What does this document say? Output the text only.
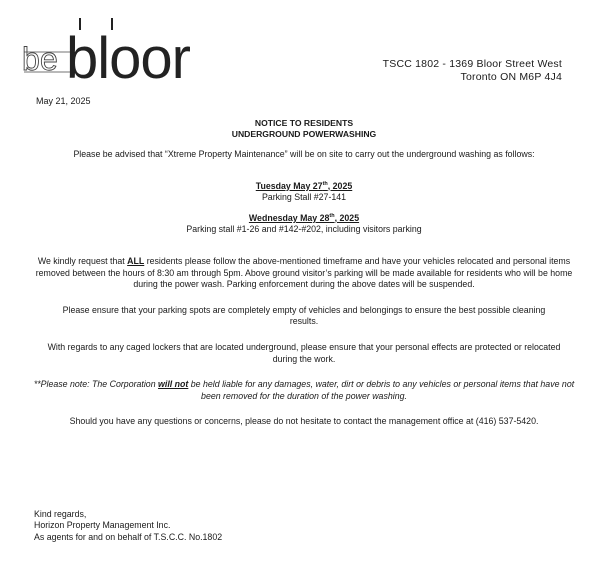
b e bloor	TSCC 1802 - 1369 Bloor Street West
Toronto ON M6P 4J4
May 21, 2025
NOTICE TO RESIDENTS
UNDERGROUND POWERWASHING

Please be advised that “Xtreme Property Maintenance” will be on site to carry out the underground washing as follows:

Tuesday May 27th, 2025
Parking Stall #27-141
Wednesday May 28th, 2025
Parking stall #1-26 and #142-#202, including visitors parking

We kindly request that ALL residents please follow the above-mentioned timeframe and have your vehicles relocated and personal items removed between the hours of 8:30 am through 5pm. Above ground visitor’s parking will be made available for residents who will be home during the power wash. Parking enforcement during the above dates will be suspended.

Please ensure that your parking spots are completely empty of vehicles and belongings to ensure the best possible cleaning results.

With regards to any caged lockers that are located underground, please ensure that your personal effects are protected or relocated during the work.

**Please note: The Corporation will not be held liable for any damages, water, dirt or debris to any vehicles or personal items that have not been removed for the duration of the power washing.

Should you have any questions or concerns, please do not hesitate to contact the management office at (416) 537-5420.

Kind regards,
Horizon Property Management Inc.
As agents for and on behalf of T.S.C.C. No.1802
